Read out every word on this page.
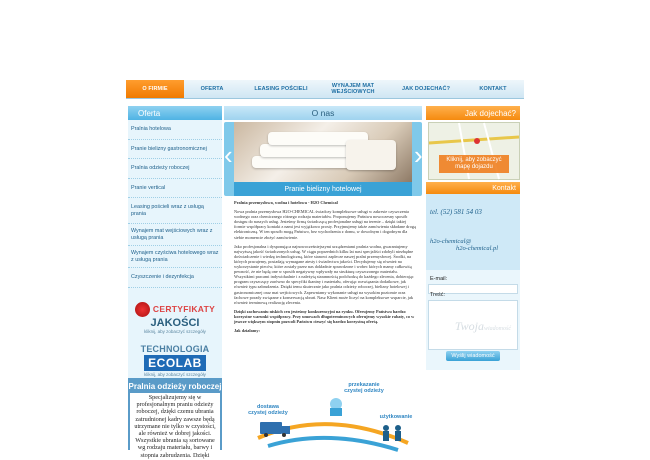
O FIRMIE	OFERTA	LEASING POŚCIELI	WYNAJEM MAT WEJŚCIOWYCH	JAK DOJECHAĆ?	KONTAKT
Oferta	O nas	Jak dojechać?
Pralnia hotelowa
Pranie bielizny gastronomicznej
Pralnia odzieży roboczej
Pranie vertical
Leasing pościeli wraz z usługą prania
Wynajem mat wejściowych wraz z usługą prania
Wynajem czyściwa hotelowego wraz z usługą prania
Czyszczenie i dezynfekcja
CERTYFIKATY
JAKOŚCI
kliknij, aby zobaczyć szczegóły
TECHNOLOGIA
ECOLAB
kliknij, aby zobaczyć szczegóły
Pralnia odzieży roboczej
Specjalizujemy się w profesjonalnym praniu odzieży roboczej, dzięki czemu ubrania zatrudnionej kadry zawsze będą utrzymane nie tylko w czystości, ale również w dobrej jakości. Wszystkie ubrania są sortowane wg rodzaju materiału, barwy i stopnia zabrudzenia. Dzięki
‹	›
Pranie bielizny hotelowej

Pralnia przemysłowa, wodna i hotelowa - H2O Chemical

Nowa pralnia przemysłowa H2O-CHEMICAL świadczy kompleksowe usługi w zakresie czyszczenia wodnego oraz chemicznego różnego rodzaju materiałów. Proponujemy Państwu nowoczesny sposób dostępu do naszych usług. Jesteśmy firmą świadczącą profesjonalne usługi na terenie – dzięki takiej formie współpracy kontakt z nami jest wyjątkowo prosty. Przyjmujemy także zamówienia składane drogą elektroniczną. W ten sposób mogą Państwo, bez wychodzenia z domu, w dowolnym i dogodnym dla siebie momencie złożyć zamówienie.

Jako profesjonalna i dysponująca najnowocześniejszymi urządzeniami pralnia wodna, gwarantujemy najwyższą jakość świadczonych usług. W ciągu poprzednich kilku lat nasi specjaliści zdobyli niezbędne doświadczenie i wiedzę technologiczną, które stanowi zaplecze naszej pralni przemysłowej. Środki, na których pracujemy, posiadają wymagane atesty i świadectwa jakości. Decydujemy się również na wykorzystanie pieców, które zostały przez nas dokładnie sprawdzone i wobec których mamy całkowitą pewność, że nie będą one w sposób negatywny wpływały na strukturę czyszczonego materiału. Wszystkimi pracami indywidualnie i z należytą starannością podchodzą do każdego zlecenia, dobierając program czyszczący zarówno do specyfiki tkaniny i materiału, oferując rozwiązania dodatkowe, jak również typu zabrudzenia. Dzięki temu skutecznie jako pralnia odzieży roboczej, bielizny hotelowej i gastronomicznej oraz mat wejściowych. Zapewniamy wykonanie usługi na wysokim poziomie oraz fachowe porady związane z konserwacją ubrań. Nasz Klient może liczyć na kompleksowe wsparcie, jak również terminową realizację zlecenia.

Dzięki zachowaniu niskich cen jesteśmy konkurencyjni na rynku. Oferujemy Państwu bardzo korzystne warunki współpracy. Przy umowach długoterminowych oferujemy wysokie rabaty, co w jeszcze większym stopniu pozwoli Państwu cieszyć się bardzo korzystną ofertą.

Jak działamy:

dostawa czystej odzieży
przekazanie czystej odzieży
użytkowanie
Kliknij, aby zobaczyć mapę dojazdu
Kontakt
tel. (52) 581 54 03
h2o-chemical@
h2o-chemical.pl
E-mail:
Treść:
Twojawiadomość
Wyślij wiadomość
